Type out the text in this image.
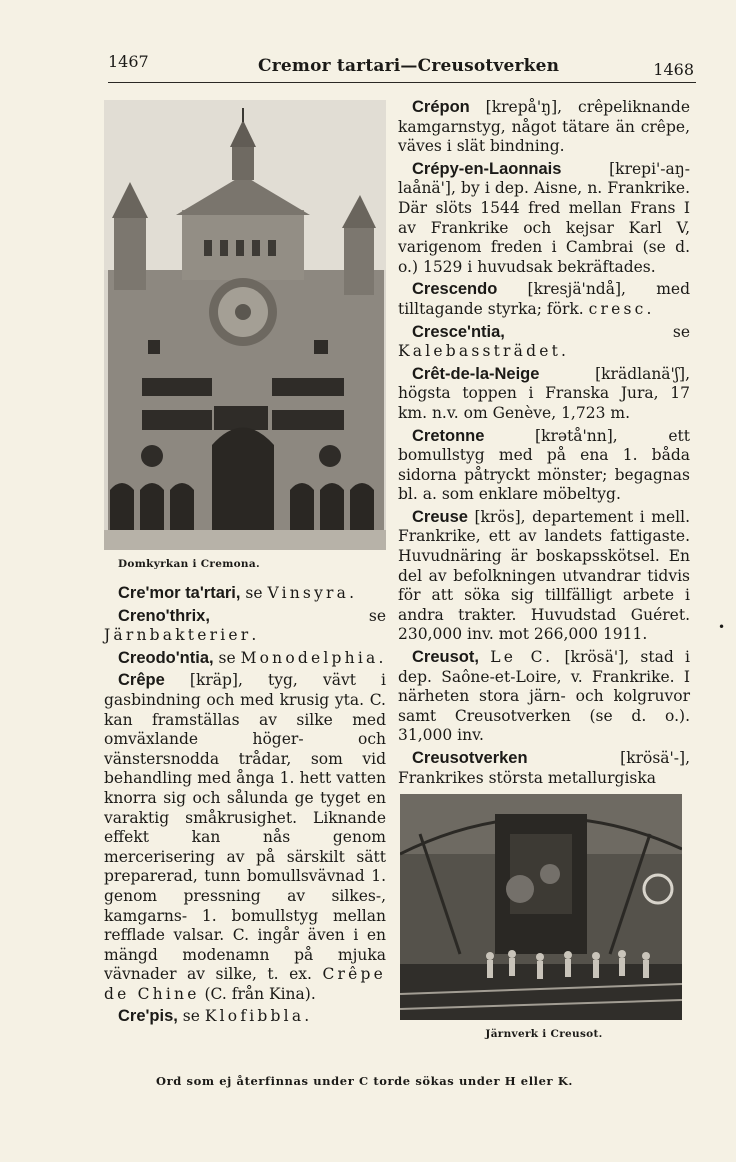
1467	Cremor tartari—Creusotverken	1468
Domkyrkan i Cremona.

Cre'mor ta'rtari, se Vinsyra.

Creno'thrix, se Järnbakterier.

Creodo'ntia, se Monodelphia.

Crêpe [kräp], tyg, vävt i gasbindning och med krusig yta. C. kan framställas av silke med omväxlande höger- och vänstersnodda trådar, som vid behandling med ånga 1. hett vatten knorra sig och sålunda ge tyget en varaktig småkrusighet. Liknande effekt kan nås genom mercerisering av på särskilt sätt preparerad, tunn bomullsvävnad 1. genom pressning av silkes-, kamgarns- 1. bomullstyg mellan refflade valsar. C. ingår även i en mängd modenamn på mjuka vävnader av silke, t. ex. Crêpe de Chine (C. från Kina).

Cre'pis, se Klofibbla.

Crépon [krepå'ŋ], crêpeliknande kamgarnstyg, något tätare än crêpe, väves i slät bindning.

Crépy-en-Laonnais [krepi'-aŋ-laånä'], by i dep. Aisne, n. Frankrike. Där slöts 1544 fred mellan Frans I av Frankrike och kejsar Karl V, varigenom freden i Cambrai (se d. o.) 1529 i huvudsak bekräftades.

Crescendo [kresjä'ndå], med tilltagande styrka; förk. cresc.

Cresce'ntia, se Kalebassträdet.

Crêt-de-la-Neige [krädlanä'ʃ], högsta toppen i Franska Jura, 17 km. n.v. om Genève, 1,723 m.

Cretonne [krətå'nn], ett bomullstyg med på ena 1. båda sidorna påtryckt mönster; begagnas bl. a. som enklare möbeltyg.

Creuse [krös], departement i mell. Frankrike, ett av landets fattigaste. Huvudnäring är boskapsskötsel. En del av befolkningen utvandrar tidvis för att söka sig tillfälligt arbete i andra trakter. Huvudstad Guéret. 230,000 inv. mot 266,000 1911.

Creusot, Le C. [krösä'], stad i dep. Saône-et-Loire, v. Frankrike. I närheten stora järn- och kolgruvor samt Creusotverken (se d. o.). 31,000 inv.

Creusotverken [krösä'-], Frankrikes största metallurgiska

Järnverk i Creusot.
•
Ord som ej återfinnas under C torde sökas under H eller K.
